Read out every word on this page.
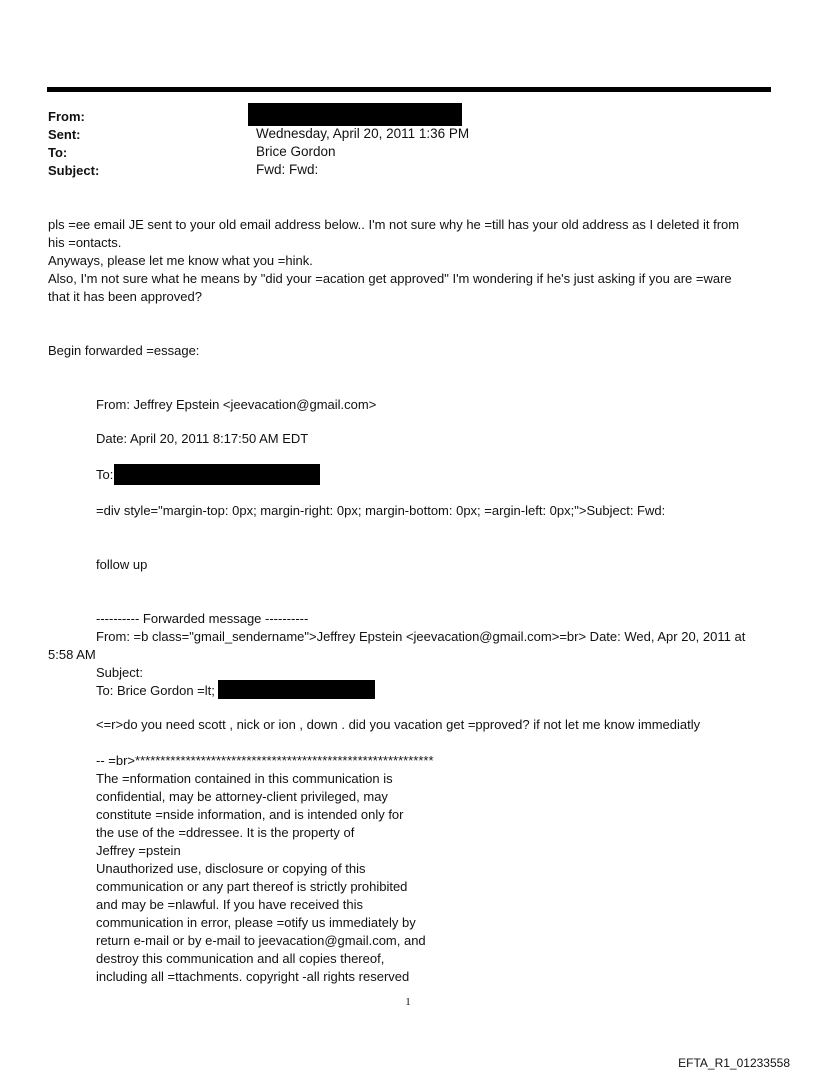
From:
Sent:	Wednesday, April 20, 2011 1:36 PM
To:	Brice Gordon
Subject:	Fwd: Fwd:
pls =ee email JE sent to your old email address below.. I'm not sure why he =till has your old address as I deleted it from
his =ontacts.
Anyways, please let me know what you =hink.
Also, I'm not sure what he means by "did your =acation get approved" I'm wondering if he's just asking if you are =ware
that it has been approved?
Begin forwarded =essage:
From: Jeffrey Epstein <jeevacation@gmail.com>
Date: April 20, 2011 8:17:50 AM EDT
To:
=div style="margin-top: 0px; margin-right: 0px; margin-bottom: 0px; =argin-left: 0px;">Subject: Fwd:
follow up
---------- Forwarded message ----------
From: =b class="gmail_sendername">Jeffrey Epstein <jeevacation@gmail.com>=br> Date: Wed, Apr 20, 2011 at
5:58 AM
Subject:
To: Brice Gordon =lt;
<=r>do you need scott , nick or ion , down . did you vacation get =pproved? if not let me know immediatly
-- =br>***********************************************************
The =nformation contained in this communication is
confidential, may be attorney-client privileged, may
constitute =nside information, and is intended only for
the use of the =ddressee. It is the property of
Jeffrey =pstein
Unauthorized use, disclosure or copying of this
communication or any part thereof is strictly prohibited
and may be =nlawful. If you have received this
communication in error, please =otify us immediately by
return e-mail or by e-mail to jeevacation@gmail.com, and
destroy this communication and all copies thereof,
including all =ttachments. copyright -all rights reserved
1
EFTA_R1_01233558
